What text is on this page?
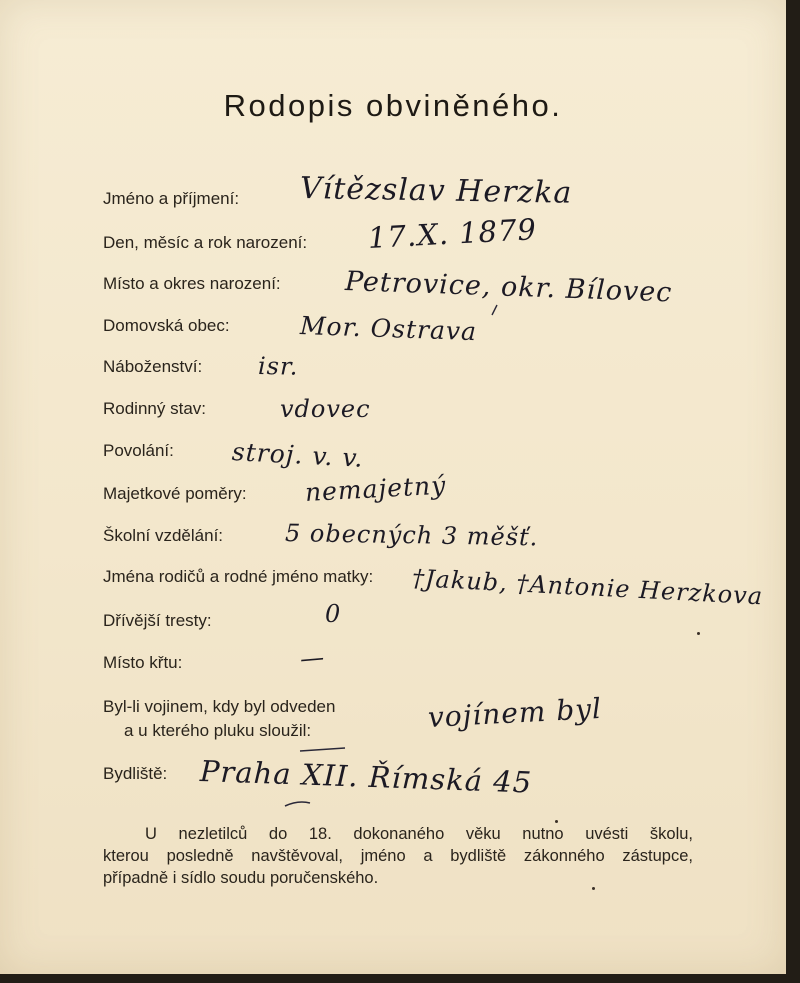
Rodopis obviněného.
Jméno a příjmení:
Den, měsíc a rok narození:
Místo a okres narození:
Domovská obec:
Náboženství:
Rodinný stav:
Povolání:
Majetkové poměry:
Školní vzdělání:
Jména rodičů a rodné jméno matky:
Dřívější tresty:
Místo křtu:
Byl-li vojinem, kdy byl odveden
a u kterého pluku sloužil:
Bydliště:
Vítězslav Herzka
17.X. 1879
Petrovice, okr. Bílovec
Mor. Ostrava
isr.
vdovec
stroj. v. v.
nemajetný
5 obecných 3 měšť.
†Jakub, †Antonie Herzkova
0
—
vojínem byl
Praha XII. Římská 45
U nezletilců do 18. dokonaného věku nutno uvésti školu,
kterou posledně navštěvoval, jméno a bydliště zákonného zástupce,
případně i sídlo soudu poručenského.
